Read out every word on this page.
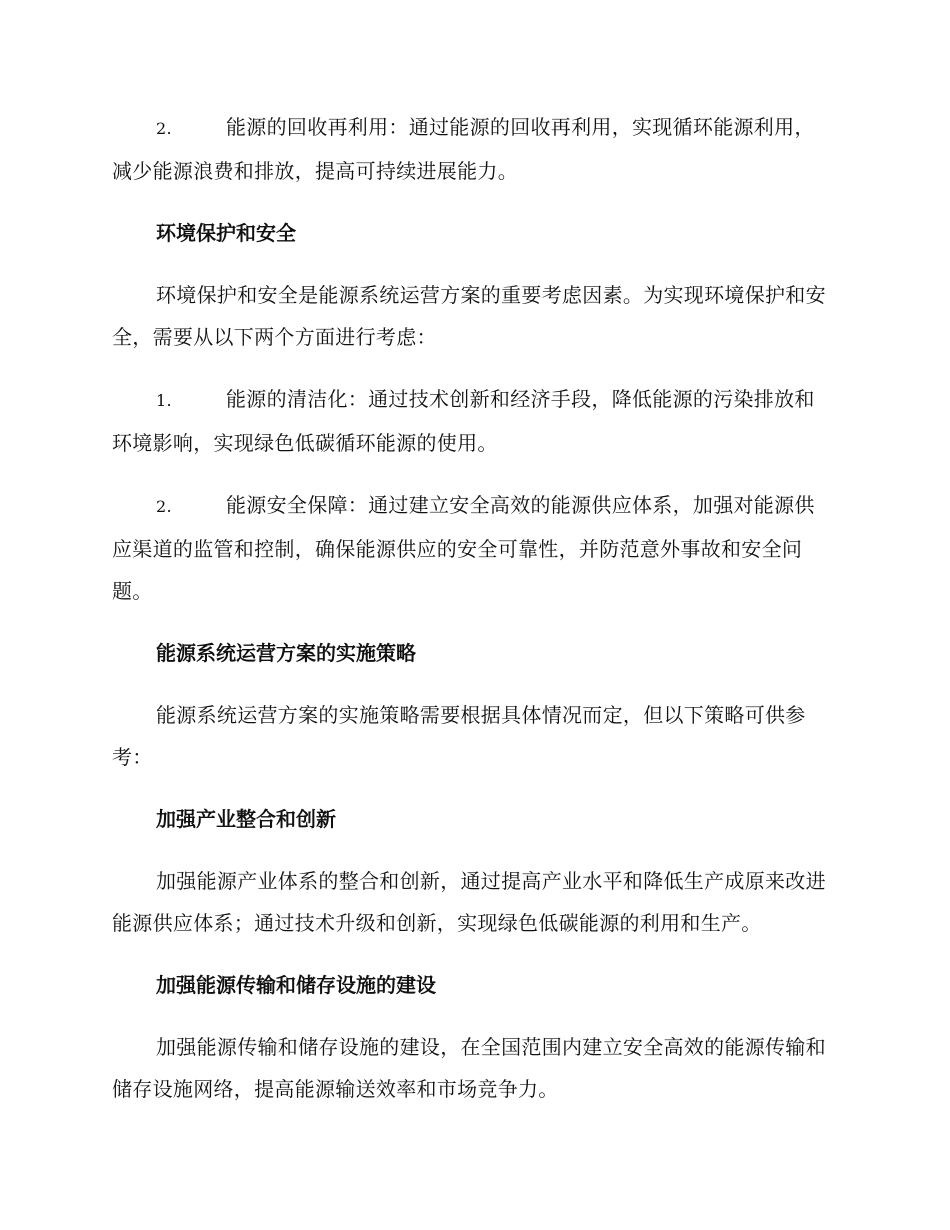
2.	能源的回收再利用：通过能源的回收再利用，实现循环能源利用，减少能源浪费和排放，提高可持续进展能力。

环境保护和安全

环境保护和安全是能源系统运营方案的重要考虑因素。为实现环境保护和安全，需要从以下两个方面进行考虑：

1.	能源的清洁化：通过技术创新和经济手段，降低能源的污染排放和环境影响，实现绿色低碳循环能源的使用。

2.	能源安全保障：通过建立安全高效的能源供应体系，加强对能源供应渠道的监管和控制，确保能源供应的安全可靠性，并防范意外事故和安全问题。

能源系统运营方案的实施策略

能源系统运营方案的实施策略需要根据具体情况而定，但以下策略可供参考：

加强产业整合和创新

加强能源产业体系的整合和创新，通过提高产业水平和降低生产成原来改进能源供应体系；通过技术升级和创新，实现绿色低碳能源的利用和生产。

加强能源传输和储存设施的建设

加强能源传输和储存设施的建设，在全国范围内建立安全高效的能源传输和储存设施网络，提高能源输送效率和市场竞争力。
